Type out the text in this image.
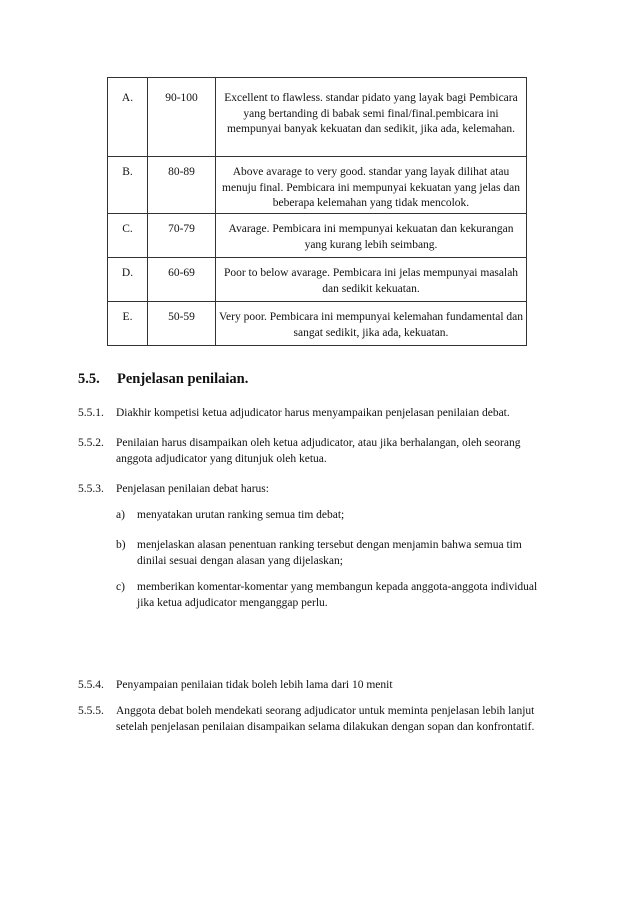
A.	90-100	Excellent to flawless. standar pidato yang layak bagi Pembicara yang bertanding di babak semi final/final.pembicara ini mempunyai banyak kekuatan dan sedikit, jika ada, kelemahan.
B.	80-89	Above avarage to very good. standar yang layak dilihat atau menuju final. Pembicara ini mempunyai kekuatan yang jelas dan beberapa kelemahan yang tidak mencolok.
C.	70-79	Avarage. Pembicara ini mempunyai kekuatan dan kekurangan yang kurang lebih seimbang.
D.	60-69	Poor to below avarage. Pembicara ini jelas mempunyai masalah dan sedikit kekuatan.
E.	50-59	Very poor. Pembicara ini mempunyai kelemahan fundamental dan sangat sedikit, jika ada, kekuatan.
5.5. Penjelasan penilaian.
5.5.1. Diakhir kompetisi ketua adjudicator harus menyampaikan penjelasan penilaian debat.
5.5.2. Penilaian harus disampaikan oleh ketua adjudicator, atau jika berhalangan, oleh seorang anggota adjudicator yang ditunjuk oleh ketua.
5.5.3. Penjelasan penilaian debat harus:
a) menyatakan urutan ranking semua tim debat;
b) menjelaskan alasan penentuan ranking tersebut dengan menjamin bahwa semua tim dinilai sesuai dengan alasan yang dijelaskan;
c) memberikan komentar-komentar yang membangun kepada anggota-anggota individual jika ketua adjudicator menganggap perlu.
5.5.4. Penyampaian penilaian tidak boleh lebih lama dari 10 menit
5.5.5. Anggota debat boleh mendekati seorang adjudicator untuk meminta penjelasan lebih lanjut setelah penjelasan penilaian disampaikan selama dilakukan dengan sopan dan konfrontatif.
